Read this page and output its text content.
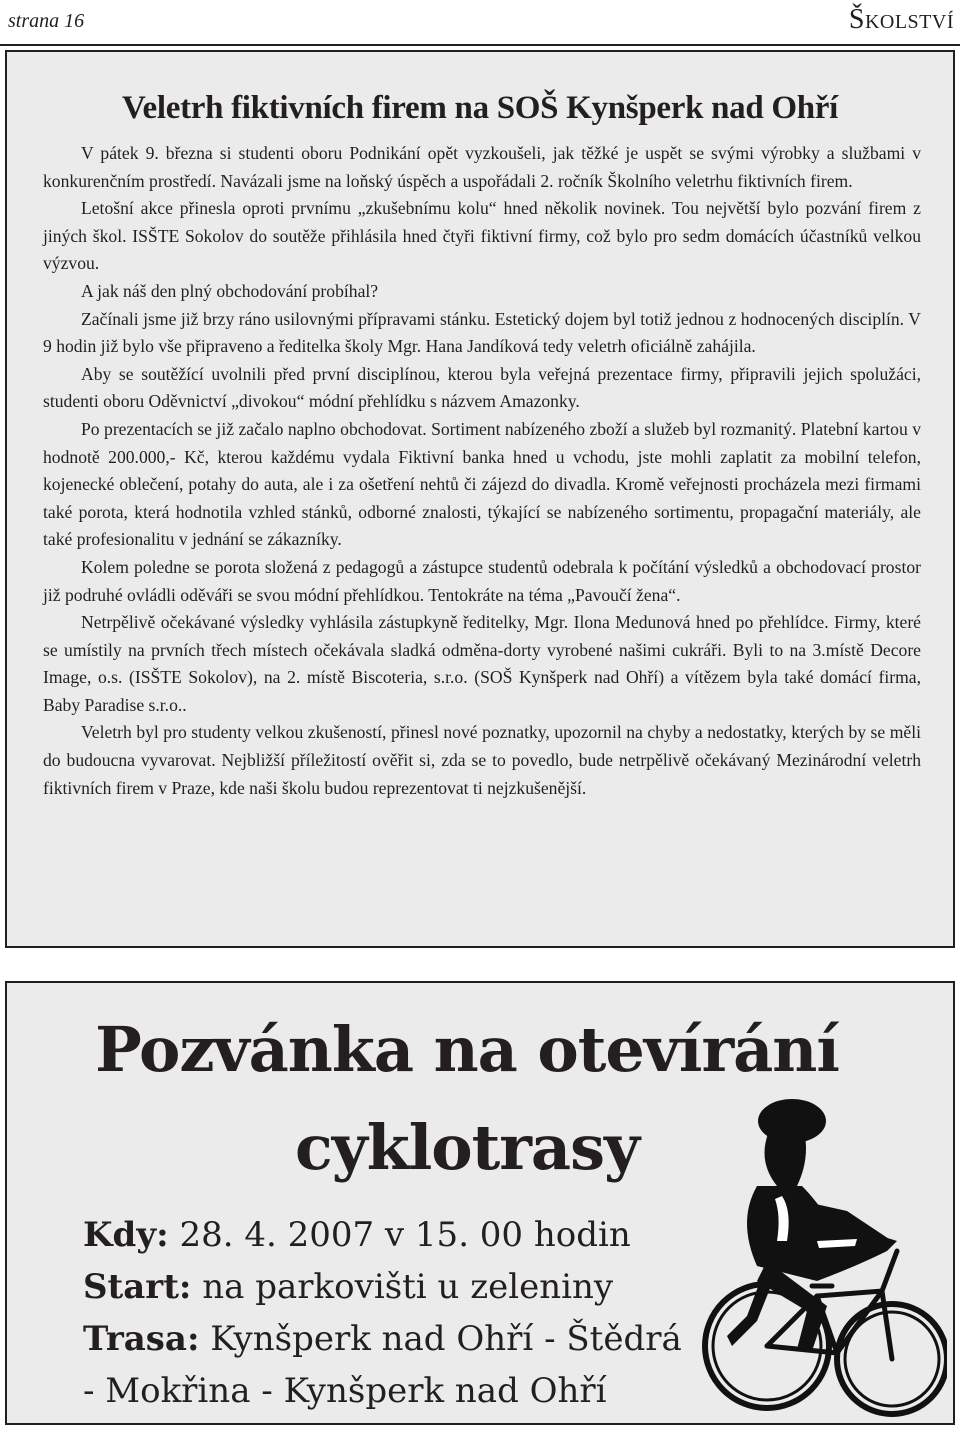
strana 16	Školství
Veletrh fiktivních firem na SOŠ Kynšperk nad Ohří

V pátek 9. března si studenti oboru Podnikání opět vyzkoušeli, jak těžké je uspět se svými výrobky a službami v konkurenčním prostředí. Navázali jsme na loňský úspěch a uspořádali 2. ročník Školního veletrhu fiktivních firem.

Letošní akce přinesla oproti prvnímu „zkušebnímu kolu“ hned několik novinek. Tou největší bylo pozvání firem z jiných škol. ISŠTE Sokolov do soutěže přihlásila hned čtyři fiktivní firmy, což bylo pro sedm domácích účastníků velkou výzvou.

A jak náš den plný obchodování probíhal?

Začínali jsme již brzy ráno usilovnými přípravami stánku. Estetický dojem byl totiž jednou z hodnocených disciplín. V 9 hodin již bylo vše připraveno a ředitelka školy Mgr. Hana Jandíková tedy veletrh oficiálně zahájila.

Aby se soutěžící uvolnili před první disciplínou, kterou byla veřejná prezentace firmy, připravili jejich spolužáci, studenti oboru Oděvnictví „divokou“ módní přehlídku s názvem Amazonky.

Po prezentacích se již začalo naplno obchodovat. Sortiment nabízeného zboží a služeb byl rozmanitý. Platební kartou v hodnotě 200.000,- Kč, kterou každému vydala Fiktivní banka hned u vchodu, jste mohli zaplatit za mobilní telefon, kojenecké oblečení, potahy do auta, ale i za ošetření nehtů či zájezd do divadla. Kromě veřejnosti procházela mezi firmami také porota, která hodnotila vzhled stánků, odborné znalosti, týkající se nabízeného sortimentu, propagační materiály, ale také profesionalitu v jednání se zákazníky.

Kolem poledne se porota složená z pedagogů a zástupce studentů odebrala k počítání výsledků a obchodovací prostor již podruhé ovládli oděváři se svou módní přehlídkou. Tentokráte na téma „Pavoučí žena“.

Netrpělivě očekávané výsledky vyhlásila zástupkyně ředitelky, Mgr. Ilona Medunová hned po přehlídce. Firmy, které se umístily na prvních třech místech očekávala sladká odměna-dorty vyrobené našimi cukráři. Byli to na 3.místě Decore Image, o.s. (ISŠTE Sokolov), na 2. místě Biscoteria, s.r.o. (SOŠ Kynšperk nad Ohří) a vítězem byla také domácí firma, Baby Paradise s.r.o..

Veletrh byl pro studenty velkou zkušeností, přinesl nové poznatky, upozornil na chyby a nedostatky, kterých by se měli do budoucna vyvarovat. Nejbližší příležitostí ověřit si, zda se to povedlo, bude netrpělivě očekávaný Mezinárodní veletrh fiktivních firem v Praze, kde naši školu budou reprezentovat ti nejzkušenější.

Pozvánka na otevírání cyklotrasy
Kdy: 28. 4. 2007 v 15. 00 hodin
Start: na parkovišti u zeleniny
Trasa: Kynšperk nad Ohří - Štědrá
- Mokřina - Kynšperk nad Ohří
